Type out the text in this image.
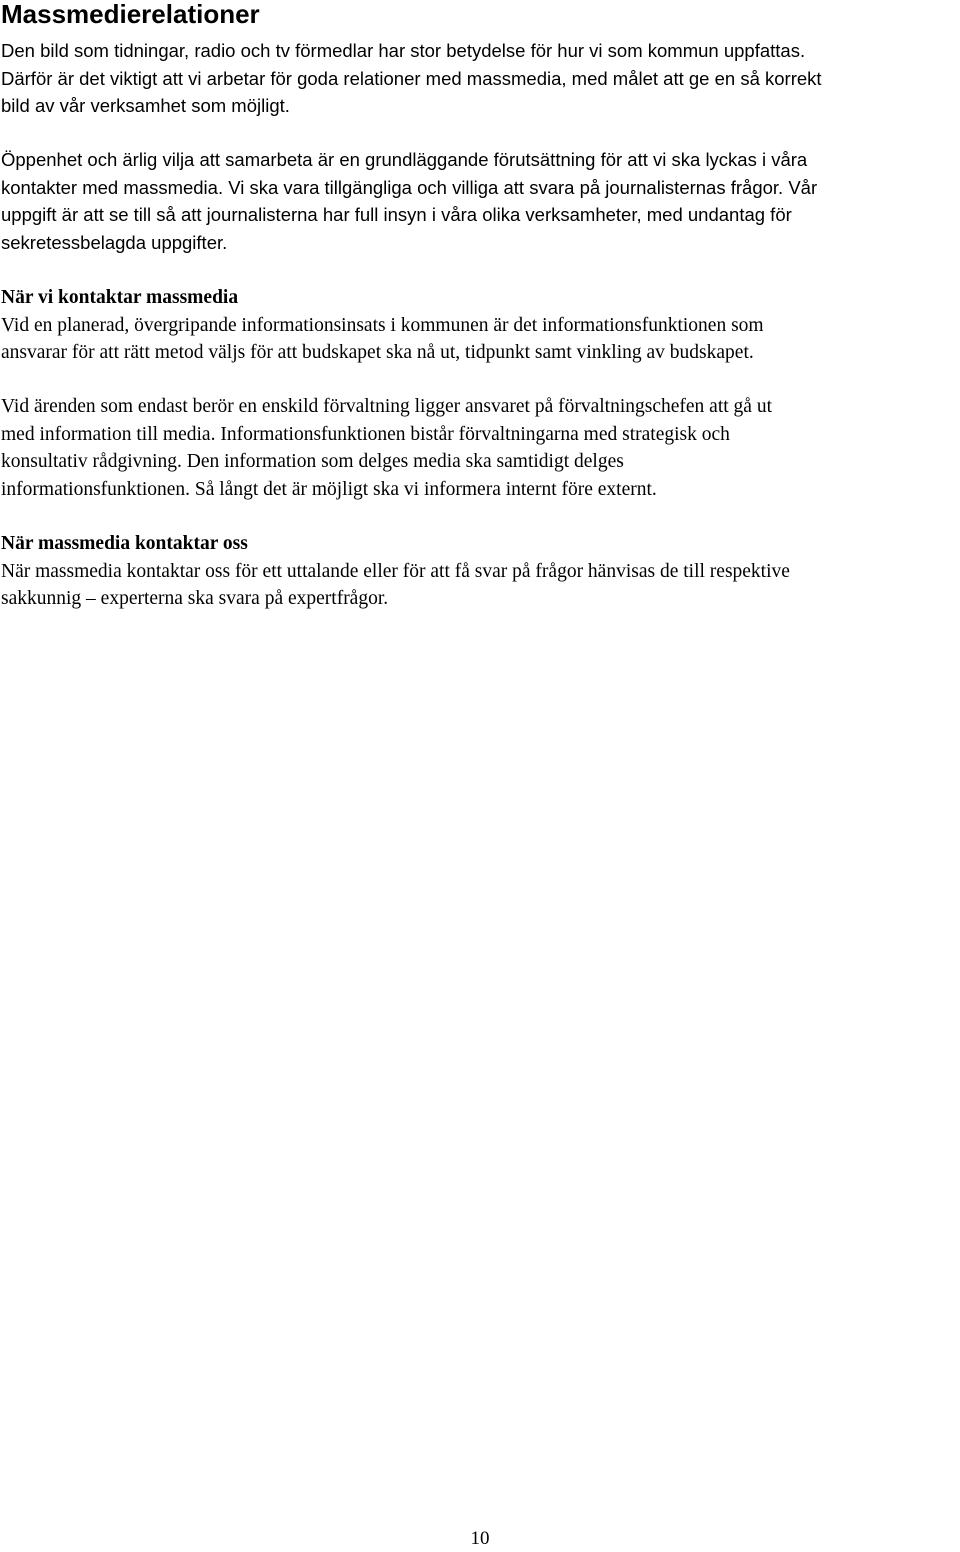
Massmedierelationer

Den bild som tidningar, radio och tv förmedlar har stor betydelse för hur vi som kommun uppfattas.
Därför är det viktigt att vi arbetar för goda relationer med massmedia, med målet att ge en så korrekt
bild av vår verksamhet som möjligt.

Öppenhet och ärlig vilja att samarbeta är en grundläggande förutsättning för att vi ska lyckas i våra
kontakter med massmedia. Vi ska vara tillgängliga och villiga att svara på journalisternas frågor. Vår
uppgift är att se till så att journalisterna har full insyn i våra olika verksamheter, med undantag för
sekretessbelagda uppgifter.

När vi kontaktar massmedia
Vid en planerad, övergripande informationsinsats i kommunen är det informationsfunktionen som
ansvarar för att rätt metod väljs för att budskapet ska nå ut, tidpunkt samt vinkling av budskapet.

Vid ärenden som endast berör en enskild förvaltning ligger ansvaret på förvaltningschefen att gå ut
med information till media. Informationsfunktionen bistår förvaltningarna med strategisk och
konsultativ rådgivning. Den information som delges media ska samtidigt delges
informationsfunktionen. Så långt det är möjligt ska vi informera internt före externt.

När massmedia kontaktar oss
När massmedia kontaktar oss för ett uttalande eller för att få svar på frågor hänvisas de till respektive
sakkunnig – experterna ska svara på expertfrågor.

10
